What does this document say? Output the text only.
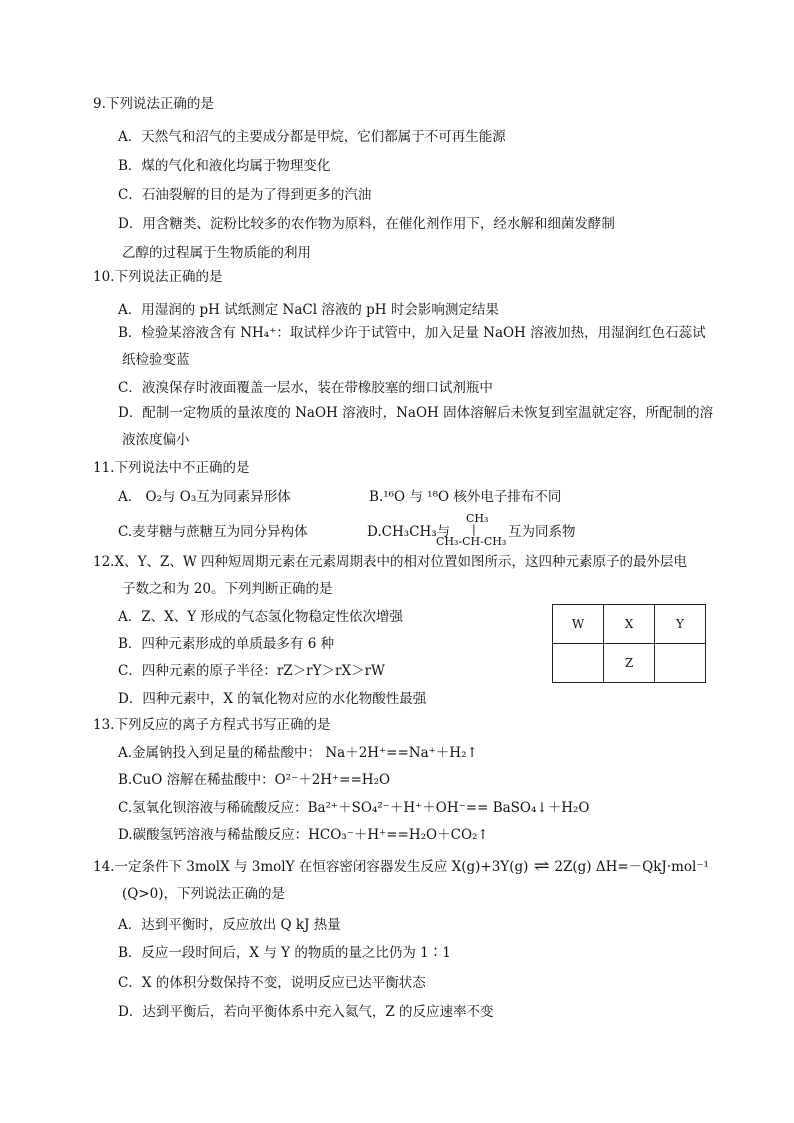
9.下列说法正确的是
A．天然气和沼气的主要成分都是甲烷，它们都属于不可再生能源
B．煤的气化和液化均属于物理变化
C．石油裂解的目的是为了得到更多的汽油
D．用含糖类、淀粉比较多的农作物为原料，在催化剂作用下，经水解和细菌发酵制
乙醇的过程属于生物质能的利用
10.下列说法正确的是
A．用湿润的 pH 试纸测定 NaCl 溶液的 pH 时会影响测定结果
B．检验某溶液含有 NH₄⁺：取试样少许于试管中，加入足量 NaOH 溶液加热，用湿润红色石蕊试
纸检验变蓝
C．液溴保存时液面覆盖一层水，装在带橡胶塞的细口试剂瓶中
D．配制一定物质的量浓度的 NaOH 溶液时，NaOH 固体溶解后未恢复到室温就定容，所配制的溶
液浓度偏小
11.下列说法中不正确的是
A． O₂与 O₃互为同素异形体	B.¹⁶O 与 ¹⁸O 核外电子排布不同
C.麦芽糖与蔗糖互为同分异构体	D.CH₃CH₃与
CH₃
|
CH₃-CH-CH₃
互为同系物
12.X、Y、Z、W 四种短周期元素在元素周期表中的相对位置如图所示，这四种元素原子的最外层电
子数之和为 20。下列判断正确的是
A．Z、X、Y 形成的气态氢化物稳定性依次增强
B．四种元素形成的单质最多有 6 种
C．四种元素的原子半径：rZ＞rY＞rX＞rW
D．四种元素中，X 的氧化物对应的水化物酸性最强
W	X	Y
	Z	
13.下列反应的离子方程式书写正确的是
A.金属钠投入到足量的稀盐酸中： Na＋2H⁺==Na⁺＋H₂↑
B.CuO 溶解在稀盐酸中：O²⁻＋2H⁺==H₂O
C.氢氧化钡溶液与稀硫酸反应：Ba²⁺＋SO₄²⁻＋H⁺＋OH⁻== BaSO₄↓＋H₂O
D.碳酸氢钙溶液与稀盐酸反应：HCO₃⁻＋H⁺==H₂O＋CO₂↑
14.一定条件下 3molX 与 3molY 在恒容密闭容器发生反应 X(g)+3Y(g) ⇌ 2Z(g) ΔH=－QkJ·mol⁻¹
(Q>0)，下列说法正确的是
A．达到平衡时，反应放出 Q kJ 热量
B．反应一段时间后，X 与 Y 的物质的量之比仍为 1∶1
C．X 的体积分数保持不变，说明反应已达平衡状态
D．达到平衡后，若向平衡体系中充入氦气，Z 的反应速率不变
